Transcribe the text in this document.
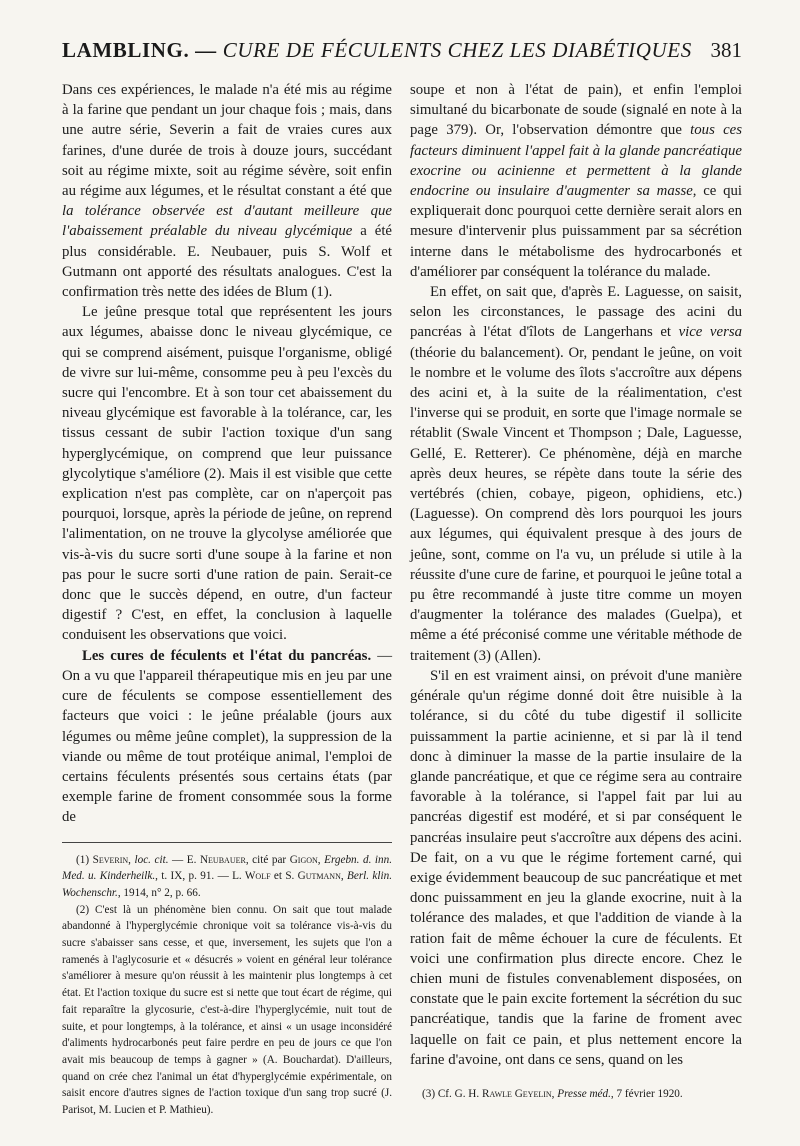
LAMBLING. — CURE DE FÉCULENTS CHEZ LES DIABÉTIQUES 381

Dans ces expériences, le malade n'a été mis au régime à la farine que pendant un jour chaque fois ; mais, dans une autre série, Severin a fait de vraies cures aux farines, d'une durée de trois à douze jours, succédant soit au régime mixte, soit au régime sévère, soit enfin au régime aux légumes, et le résultat constant a été que la tolérance observée est d'autant meilleure que l'abaissement préalable du niveau glycémique a été plus considérable. E. Neubauer, puis S. Wolf et Gutmann ont apporté des résultats analogues. C'est la confirmation très nette des idées de Blum (1).

Le jeûne presque total que représentent les jours aux légumes, abaisse donc le niveau glycémique, ce qui se comprend aisément, puisque l'organisme, obligé de vivre sur lui-même, consomme peu à peu l'excès du sucre qui l'encombre. Et à son tour cet abaissement du niveau glycémique est favorable à la tolérance, car, les tissus cessant de subir l'action toxique d'un sang hyperglycémique, on comprend que leur puissance glycolytique s'améliore (2). Mais il est visible que cette explication n'est pas complète, car on n'aperçoit pas pourquoi, lorsque, après la période de jeûne, on reprend l'alimentation, on ne trouve la glycolyse améliorée que vis-à-vis du sucre sorti d'une soupe à la farine et non pas pour le sucre sorti d'une ration de pain. Serait-ce donc que le succès dépend, en outre, d'un facteur digestif ? C'est, en effet, la conclusion à laquelle conduisent les observations que voici.

Les cures de féculents et l'état du pancréas. — On a vu que l'appareil thérapeutique mis en jeu par une cure de féculents se compose essentiellement des facteurs que voici : le jeûne préalable (jours aux légumes ou même jeûne complet), la suppression de la viande ou même de tout protéique animal, l'emploi de certains féculents présentés sous certains états (par exemple farine de froment consommée sous la forme de

(1) Severin, loc. cit. — E. Neubauer, cité par Gigon, Ergebn. d. inn. Med. u. Kinderheilk., t. IX, p. 91. — L. Wolf et S. Gutmann, Berl. klin. Wochenschr., 1914, n° 2, p. 66.

(2) C'est là un phénomène bien connu. On sait que tout malade abandonné à l'hyperglycémie chronique voit sa tolérance vis-à-vis du sucre s'abaisser sans cesse, et que, inversement, les sujets que l'on a ramenés à l'aglycosurie et « désucrés » voient en général leur tolérance s'améliorer à mesure qu'on réussit à les maintenir plus longtemps à cet état. Et l'action toxique du sucre est si nette que tout écart de régime, qui fait reparaître la glycosurie, c'est-à-dire l'hyperglycémie, nuit tout de suite, et pour longtemps, à la tolérance, et ainsi « un usage inconsidéré d'aliments hydrocarbonés peut faire perdre en peu de jours ce que l'on avait mis beaucoup de temps à gagner » (A. Bouchardat). D'ailleurs, quand on crée chez l'animal un état d'hyperglycémie expérimentale, on saisit encore d'autres signes de l'action toxique d'un sang trop sucré (J. Parisot, M. Lucien et P. Mathieu).

soupe et non à l'état de pain), et enfin l'emploi simultané du bicarbonate de soude (signalé en note à la page 379). Or, l'observation démontre que tous ces facteurs diminuent l'appel fait à la glande pancréatique exocrine ou acinienne et permettent à la glande endocrine ou insulaire d'augmenter sa masse, ce qui expliquerait donc pourquoi cette dernière serait alors en mesure d'intervenir plus puissamment par sa sécrétion interne dans le métabolisme des hydrocarbonés et d'améliorer par conséquent la tolérance du malade.

En effet, on sait que, d'après E. Laguesse, on saisit, selon les circonstances, le passage des acini du pancréas à l'état d'îlots de Langerhans et vice versa (théorie du balancement). Or, pendant le jeûne, on voit le nombre et le volume des îlots s'accroître aux dépens des acini et, à la suite de la réalimentation, c'est l'inverse qui se produit, en sorte que l'image normale se rétablit (Swale Vincent et Thompson ; Dale, Laguesse, Gellé, E. Retterer). Ce phénomène, déjà en marche après deux heures, se répète dans toute la série des vertébrés (chien, cobaye, pigeon, ophidiens, etc.) (Laguesse). On comprend dès lors pourquoi les jours aux légumes, qui équivalent presque à des jours de jeûne, sont, comme on l'a vu, un prélude si utile à la réussite d'une cure de farine, et pourquoi le jeûne total a pu être recommandé à juste titre comme un moyen d'augmenter la tolérance des malades (Guelpa), et même a été préconisé comme une véritable méthode de traitement (3) (Allen).

S'il en est vraiment ainsi, on prévoit d'une manière générale qu'un régime donné doit être nuisible à la tolérance, si du côté du tube digestif il sollicite puissamment la partie acinienne, et si par là il tend donc à diminuer la masse de la partie insulaire de la glande pancréatique, et que ce régime sera au contraire favorable à la tolérance, si l'appel fait par lui au pancréas digestif est modéré, et si par conséquent le pancréas insulaire peut s'accroître aux dépens des acini. De fait, on a vu que le régime fortement carné, qui exige évidemment beaucoup de suc pancréatique et met donc puissamment en jeu la glande exocrine, nuit à la tolérance des malades, et que l'addition de viande à la ration fait de même échouer la cure de féculents. Et voici une confirmation plus directe encore. Chez le chien muni de fistules convenablement disposées, on constate que le pain excite fortement la sécrétion du suc pancréatique, tandis que la farine de froment avec laquelle on fait ce pain, et plus nettement encore la farine d'avoine, ont dans ce sens, quand on les

(3) Cf. G. H. Rawle Geyelin, Presse méd., 7 février 1920.
